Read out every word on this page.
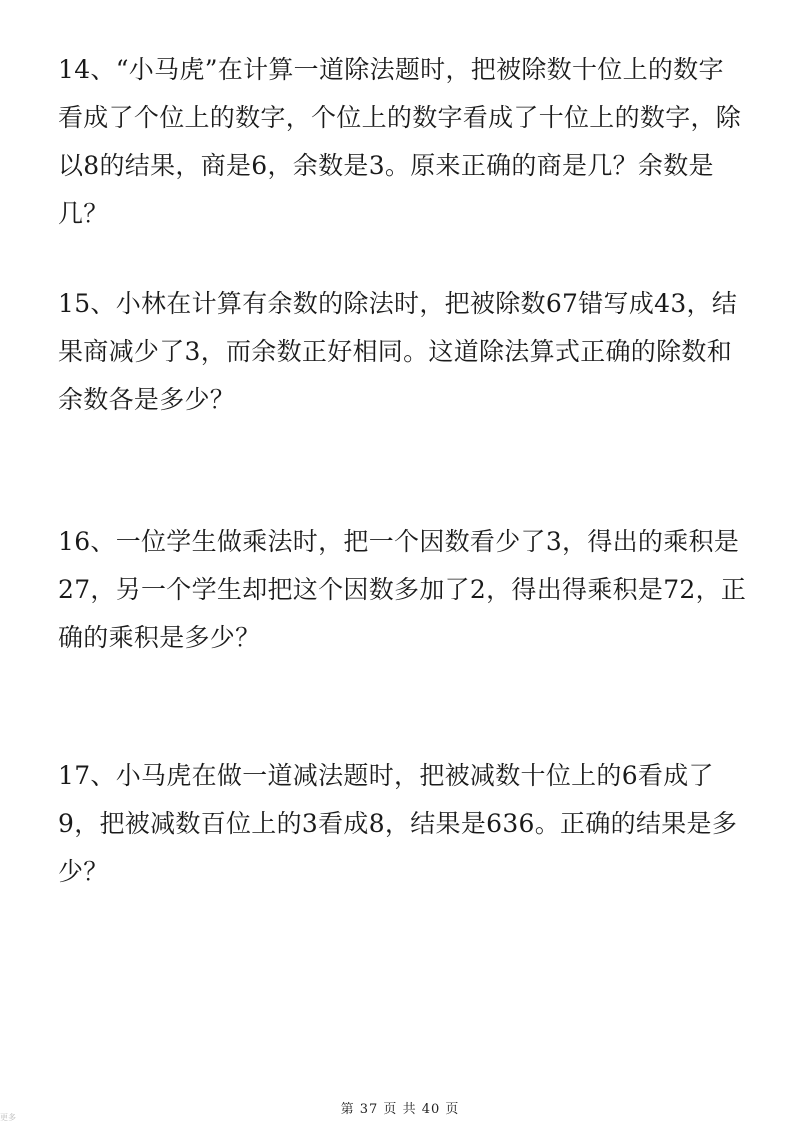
14、“小马虎”在计算一道除法题时，把被除数十位上的数字看成了个位上的数字，个位上的数字看成了十位上的数字，除以8的结果，商是6，余数是3。原来正确的商是几？余数是几？
15、小林在计算有余数的除法时，把被除数67错写成43，结果商减少了3，而余数正好相同。这道除法算式正确的除数和余数各是多少？
16、一位学生做乘法时，把一个因数看少了3，得出的乘积是27，另一个学生却把这个因数多加了2，得出得乘积是72，正确的乘积是多少？
17、小马虎在做一道减法题时，把被减数十位上的6看成了9，把被减数百位上的3看成8，结果是636。正确的结果是多少？
第 37 页 共 40 页
更多
